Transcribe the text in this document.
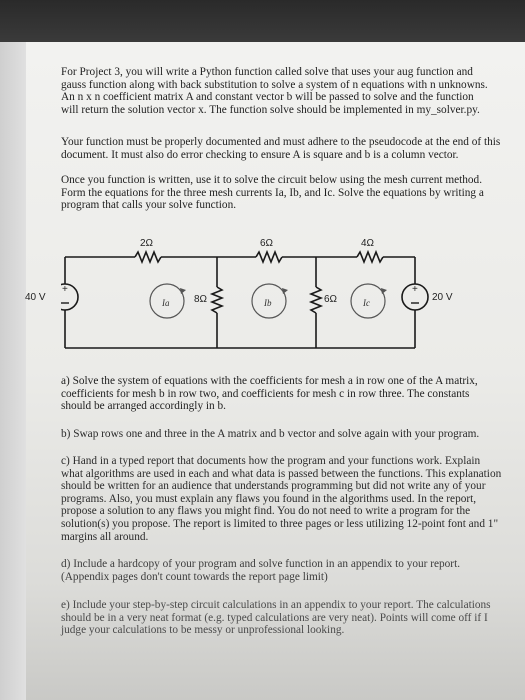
For Project 3, you will write a Python function called solve that uses your aug function and
gauss function along with back substitution to solve a system of n equations with n unknowns.
An n x n coefficient matrix A and constant vector b will be passed to solve and the function
will return the solution vector x. The function solve should be implemented in my_solver.py.
Your function must be properly documented and must adhere to the pseudocode at the end of this
document. It must also do error checking to ensure A is square and b is a column vector.
Once you function is written, use it to solve the circuit below using the mesh current method.
Form the equations for the three mesh currents Ia, Ib, and Ic. Solve the equations by writing a
program that calls your solve function.
+	+
2Ω	6Ω	4Ω
8Ω	6Ω
40 V	20 V
Ia	Ib	Ic
a) Solve the system of equations with the coefficients for mesh a in row one of the A matrix,
coefficients for mesh b in row two, and coefficients for mesh c in row three. The constants
should be arranged accordingly in b.
b) Swap rows one and three in the A matrix and b vector and solve again with your program.
c) Hand in a typed report that documents how the program and your functions work. Explain
what algorithms are used in each and what data is passed between the functions. This explanation
should be written for an audience that understands programming but did not write any of your
programs. Also, you must explain any flaws you found in the algorithms used. In the report,
propose a solution to any flaws you might find. You do not need to write a program for the
solution(s) you propose. The report is limited to three pages or less utilizing 12-point font and 1"
margins all around.
d) Include a hardcopy of your program and solve function in an appendix to your report.
(Appendix pages don't count towards the report page limit)
e) Include your step-by-step circuit calculations in an appendix to your report. The calculations
should be in a very neat format (e.g. typed calculations are very neat). Points will come off if I
judge your calculations to be messy or unprofessional looking.
